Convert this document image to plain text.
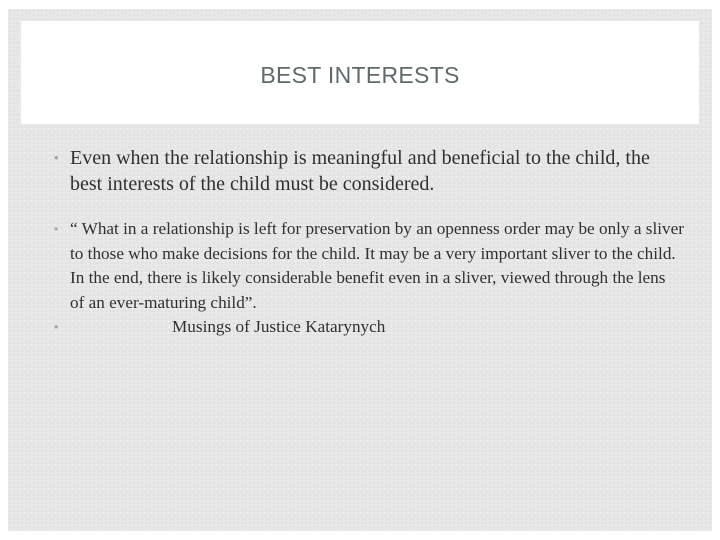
BEST INTERESTS
• Even when the relationship is meaningful and beneficial to the child, the best interests of the child must be considered.
• “ What in a relationship is left for preservation by an openness order may be only a sliver to those who make decisions for the child. It may be a very important sliver to the child. In the end, there is likely considerable benefit even in a sliver, viewed through the lens of an ever-maturing child”.
•	Musings of Justice Katarynych
